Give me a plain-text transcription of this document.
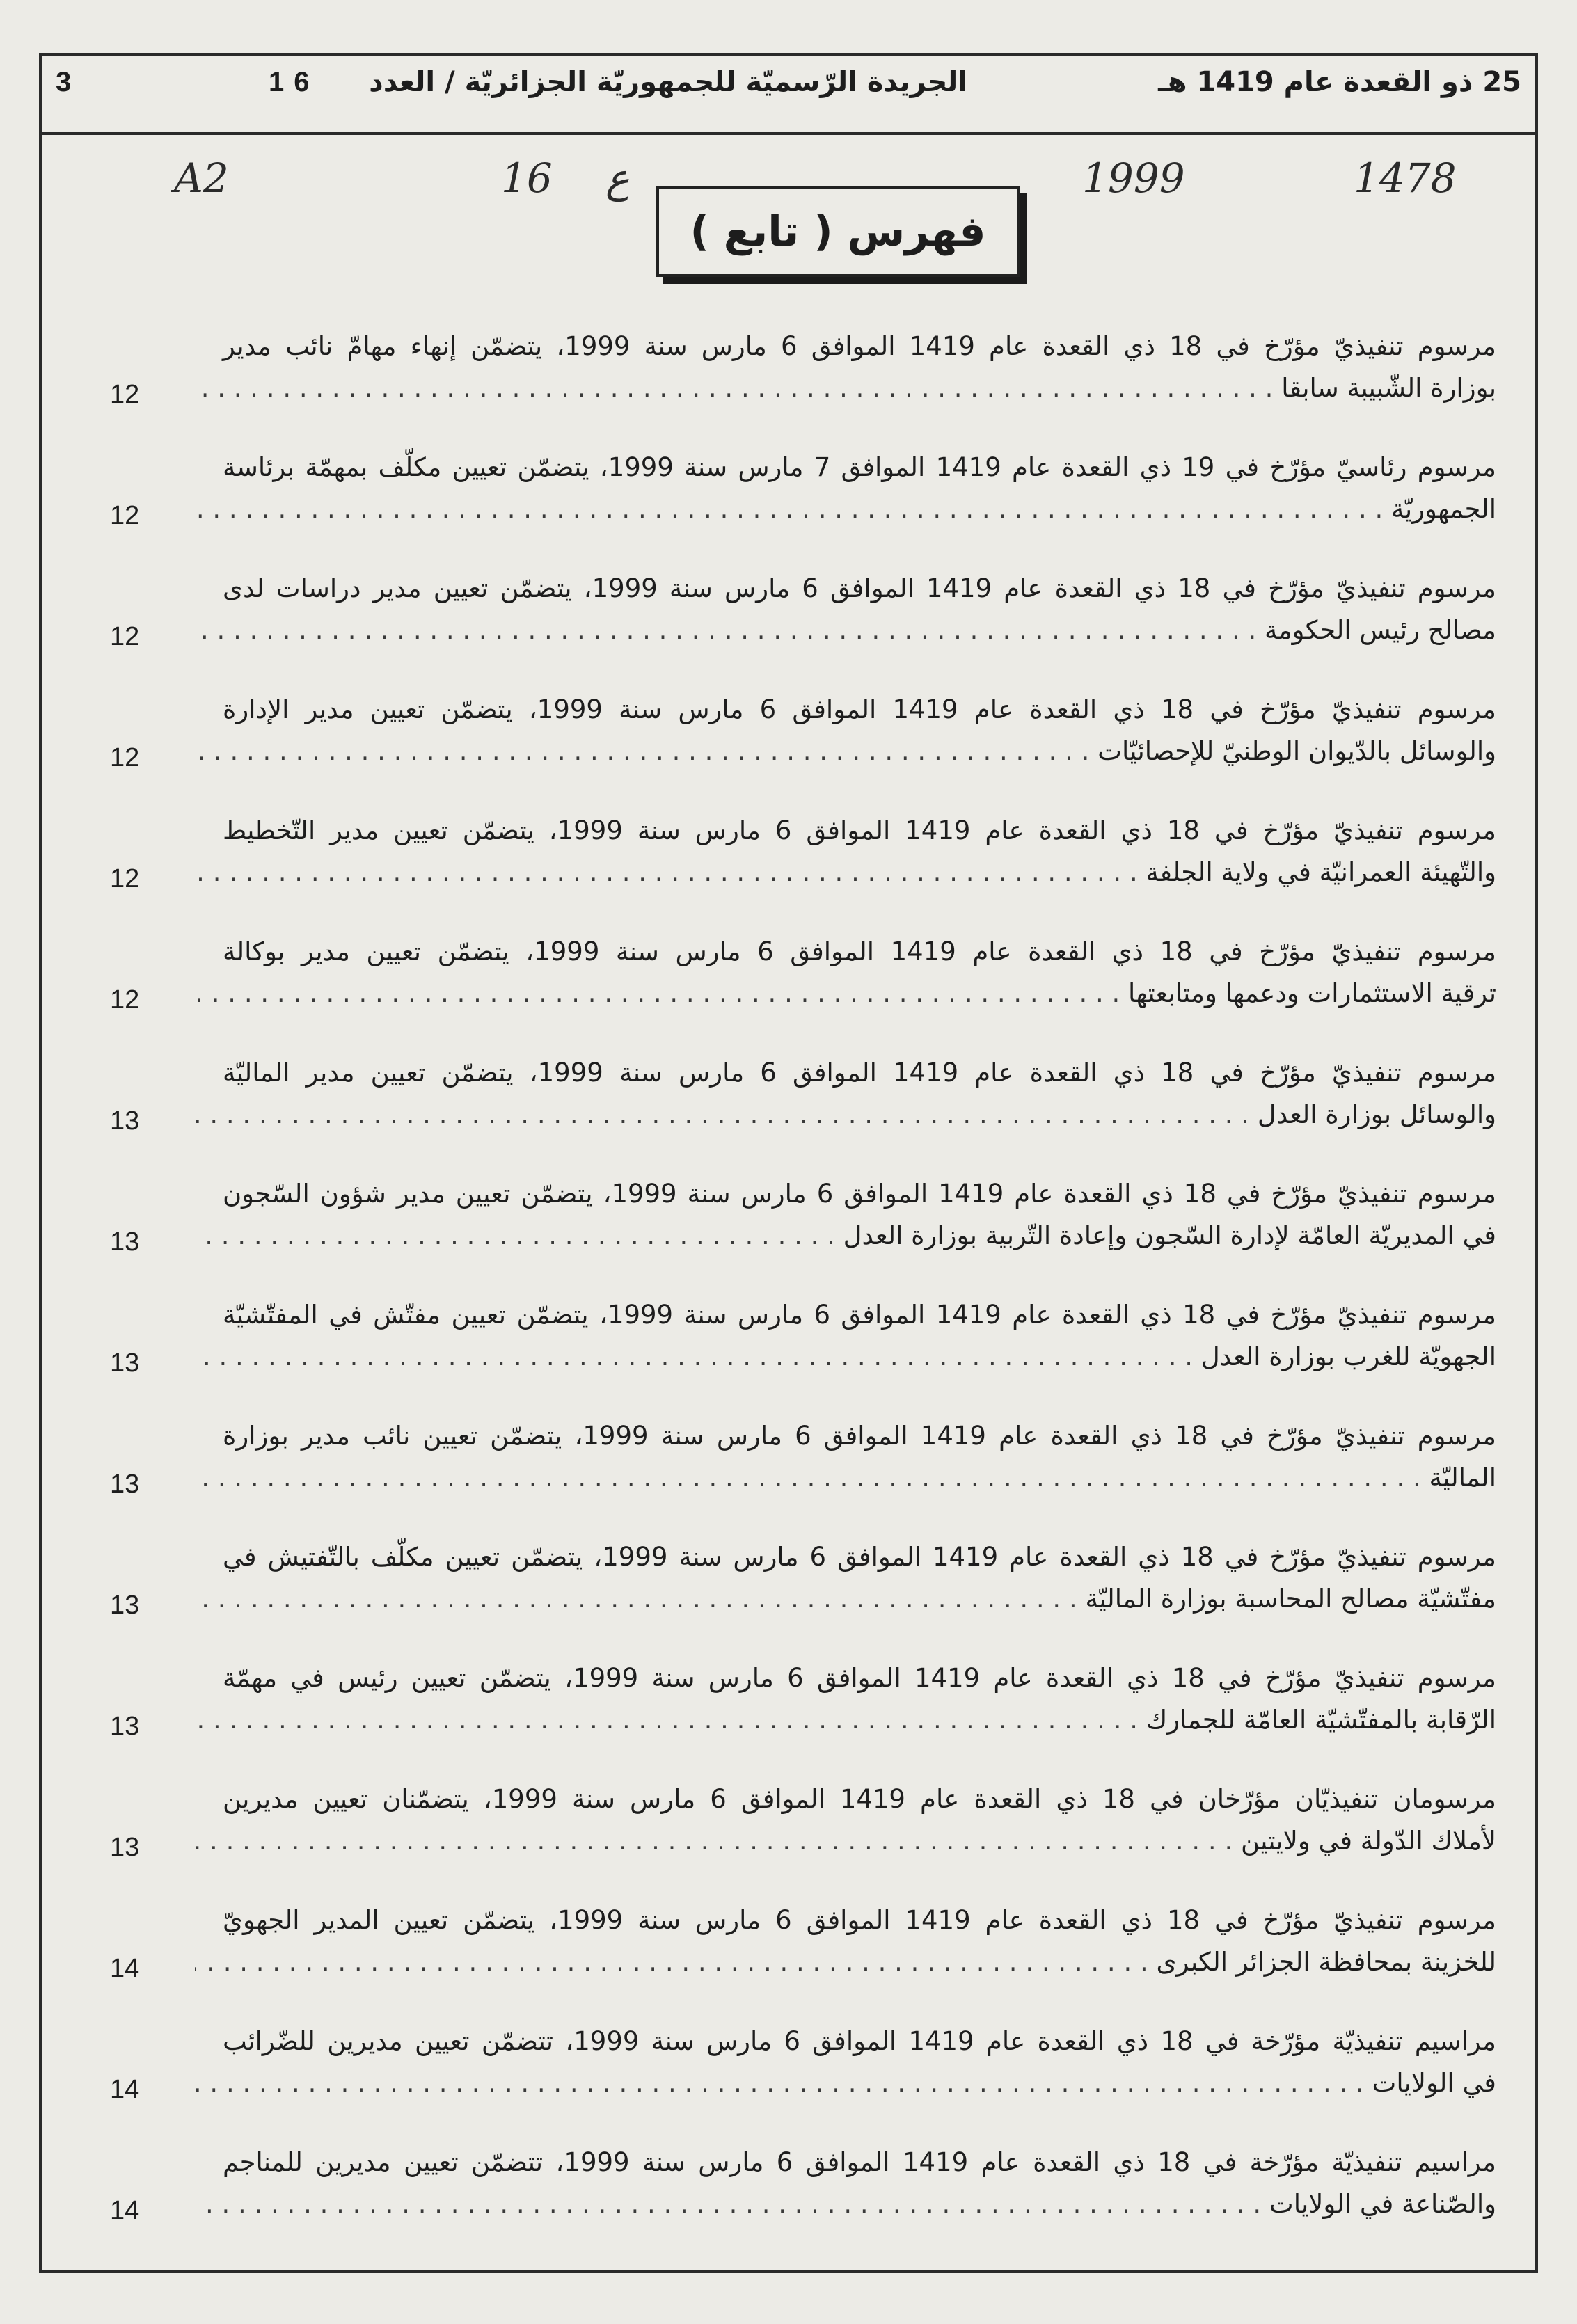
3	16 الجريدة الرّسميّة للجمهوريّة الجزائريّة / العدد	25 ذو القعدة عام 1419 هـ
1478
1999
ع
16
A2
فهرس ( تابع )
مرسوم تنفيذيّ مؤرّخ في 18 ذي القعدة عام 1419 الموافق 6 مارس سنة 1999، يتضمّن إنهاء مهامّ نائب مدير
بوزارة الشّبيبة سابقا . . .
12
مرسوم رئاسيّ مؤرّخ في 19 ذي القعدة عام 1419 الموافق 7 مارس سنة 1999، يتضمّن تعيين مكلّف بمهمّة برئاسة
الجمهوريّة . . .
12
مرسوم تنفيذيّ مؤرّخ في 18 ذي القعدة عام 1419 الموافق 6 مارس سنة 1999، يتضمّن تعيين مدير دراسات لدى
مصالح رئيس الحكومة . . .
12
مرسوم تنفيذيّ مؤرّخ في 18 ذي القعدة عام 1419 الموافق 6 مارس سنة 1999، يتضمّن تعيين مدير الإدارة
والوسائل بالدّيوان الوطنيّ للإحصائيّات . . .
12
مرسوم تنفيذيّ مؤرّخ في 18 ذي القعدة عام 1419 الموافق 6 مارس سنة 1999، يتضمّن تعيين مدير التّخطيط
والتّهيئة العمرانيّة في ولاية الجلفة . . .
12
مرسوم تنفيذيّ مؤرّخ في 18 ذي القعدة عام 1419 الموافق 6 مارس سنة 1999، يتضمّن تعيين مدير بوكالة
ترقية الاستثمارات ودعمها ومتابعتها . . .
12
مرسوم تنفيذيّ مؤرّخ في 18 ذي القعدة عام 1419 الموافق 6 مارس سنة 1999، يتضمّن تعيين مدير الماليّة
والوسائل بوزارة العدل . . .
13
مرسوم تنفيذيّ مؤرّخ في 18 ذي القعدة عام 1419 الموافق 6 مارس سنة 1999، يتضمّن تعيين مدير شؤون السّجون
في المديريّة العامّة لإدارة السّجون وإعادة التّربية بوزارة العدل . . .
13
مرسوم تنفيذيّ مؤرّخ في 18 ذي القعدة عام 1419 الموافق 6 مارس سنة 1999، يتضمّن تعيين مفتّش في المفتّشيّة
الجهويّة للغرب بوزارة العدل . . .
13
مرسوم تنفيذيّ مؤرّخ في 18 ذي القعدة عام 1419 الموافق 6 مارس سنة 1999، يتضمّن تعيين نائب مدير بوزارة
الماليّة . . .
13
مرسوم تنفيذيّ مؤرّخ في 18 ذي القعدة عام 1419 الموافق 6 مارس سنة 1999، يتضمّن تعيين مكلّف بالتّفتيش في
مفتّشيّة مصالح المحاسبة بوزارة الماليّة . . .
13
مرسوم تنفيذيّ مؤرّخ في 18 ذي القعدة عام 1419 الموافق 6 مارس سنة 1999، يتضمّن تعيين رئيس في مهمّة
الرّقابة بالمفتّشيّة العامّة للجمارك . . .
13
مرسومان تنفيذيّان مؤرّخان في 18 ذي القعدة عام 1419 الموافق 6 مارس سنة 1999، يتضمّنان تعيين مديرين
لأملاك الدّولة في ولايتين . . .
13
مرسوم تنفيذيّ مؤرّخ في 18 ذي القعدة عام 1419 الموافق 6 مارس سنة 1999، يتضمّن تعيين المدير الجهويّ
للخزينة بمحافظة الجزائر الكبرى . . .
14
مراسيم تنفيذيّة مؤرّخة في 18 ذي القعدة عام 1419 الموافق 6 مارس سنة 1999، تتضمّن تعيين مديرين للضّرائب
في الولايات . . .
14
مراسيم تنفيذيّة مؤرّخة في 18 ذي القعدة عام 1419 الموافق 6 مارس سنة 1999، تتضمّن تعيين مديرين للمناجم
والصّناعة في الولايات . . .
14
